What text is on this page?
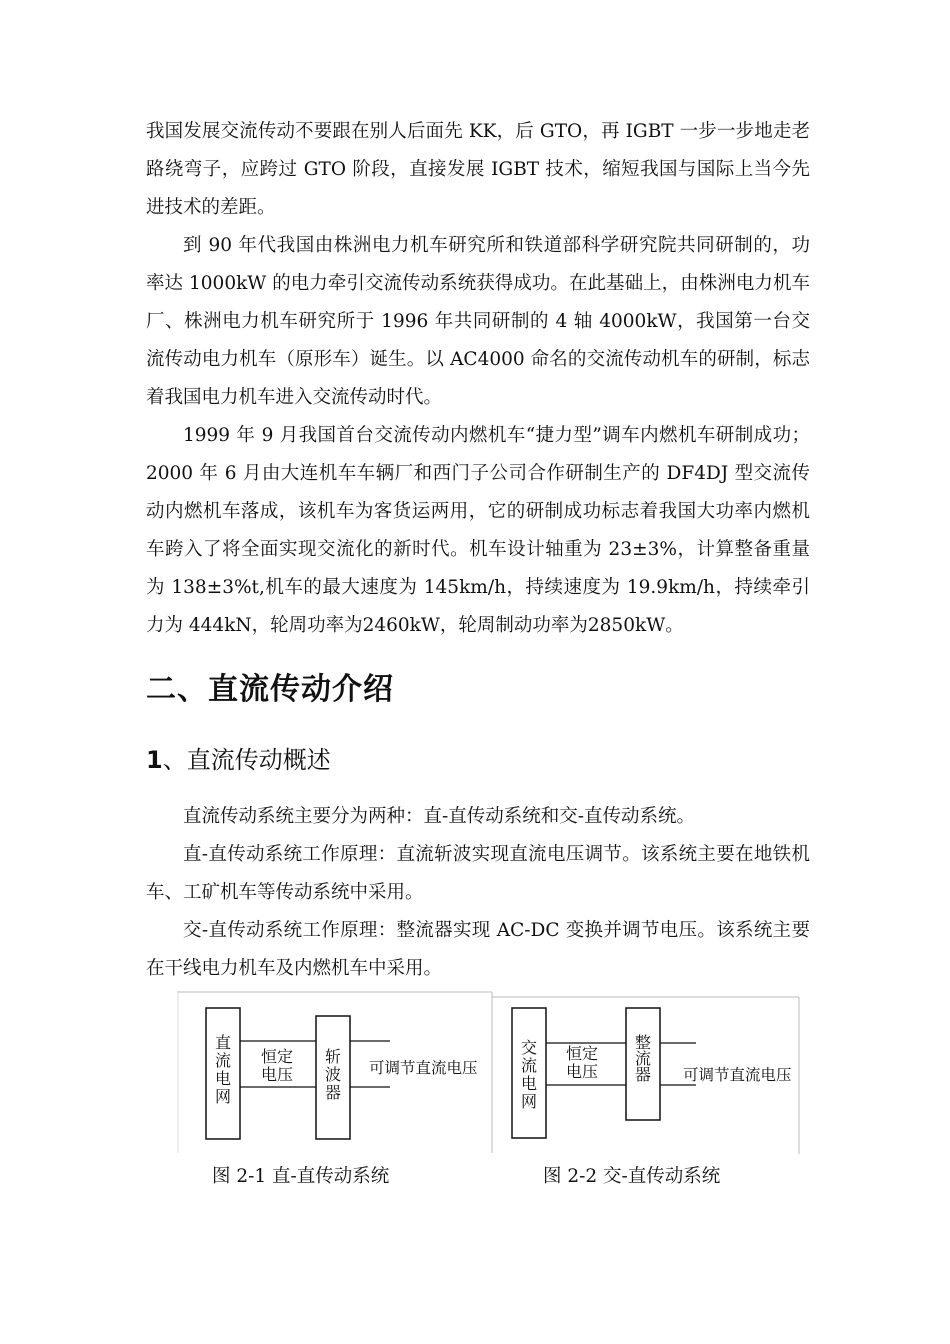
我国发展交流传动不要跟在别人后面先 KK，后 GTO，再 IGBT 一步一步地走老路绕弯子，应跨过 GTO 阶段，直接发展 IGBT 技术，缩短我国与国际上当今先进技术的差距。

到 90 年代我国由株洲电力机车研究所和铁道部科学研究院共同研制的，功率达 1000kW 的电力牵引交流传动系统获得成功。在此基础上，由株洲电力机车厂、株洲电力机车研究所于 1996 年共同研制的 4 轴 4000kW，我国第一台交流传动电力机车（原形车）诞生。以 AC4000 命名的交流传动机车的研制，标志着我国电力机车进入交流传动时代。

1999 年 9 月我国首台交流传动内燃机车“捷力型”调车内燃机车研制成功；2000 年 6 月由大连机车车辆厂和西门子公司合作研制生产的 DF4DJ 型交流传动内燃机车落成，该机车为客货运两用，它的研制成功标志着我国大功率内燃机车跨入了将全面实现交流化的新时代。机车设计轴重为 23±3%，计算整备重量为 138±3%t,机车的最大速度为 145km/h，持续速度为 19.9km/h，持续牵引力为 444kN，轮周功率为2460kW，轮周制动功率为2850kW。

二、直流传动介绍
1、直流传动概述

直流传动系统主要分为两种：直-直传动系统和交-直传动系统。

直-直传动系统工作原理：直流斩波实现直流电压调节。该系统主要在地铁机车、工矿机车等传动系统中采用。

交-直传动系统工作原理：整流器实现 AC-DC 变换并调节电压。该系统主要在干线电力机车及内燃机车中采用。

直流电网
恒定电压
斩波器
可调节直流电压
交流电网
恒定电压
整流器 可调节直流电压

图 2-1 直-直传动系统	图 2-2 交-直传动系统
